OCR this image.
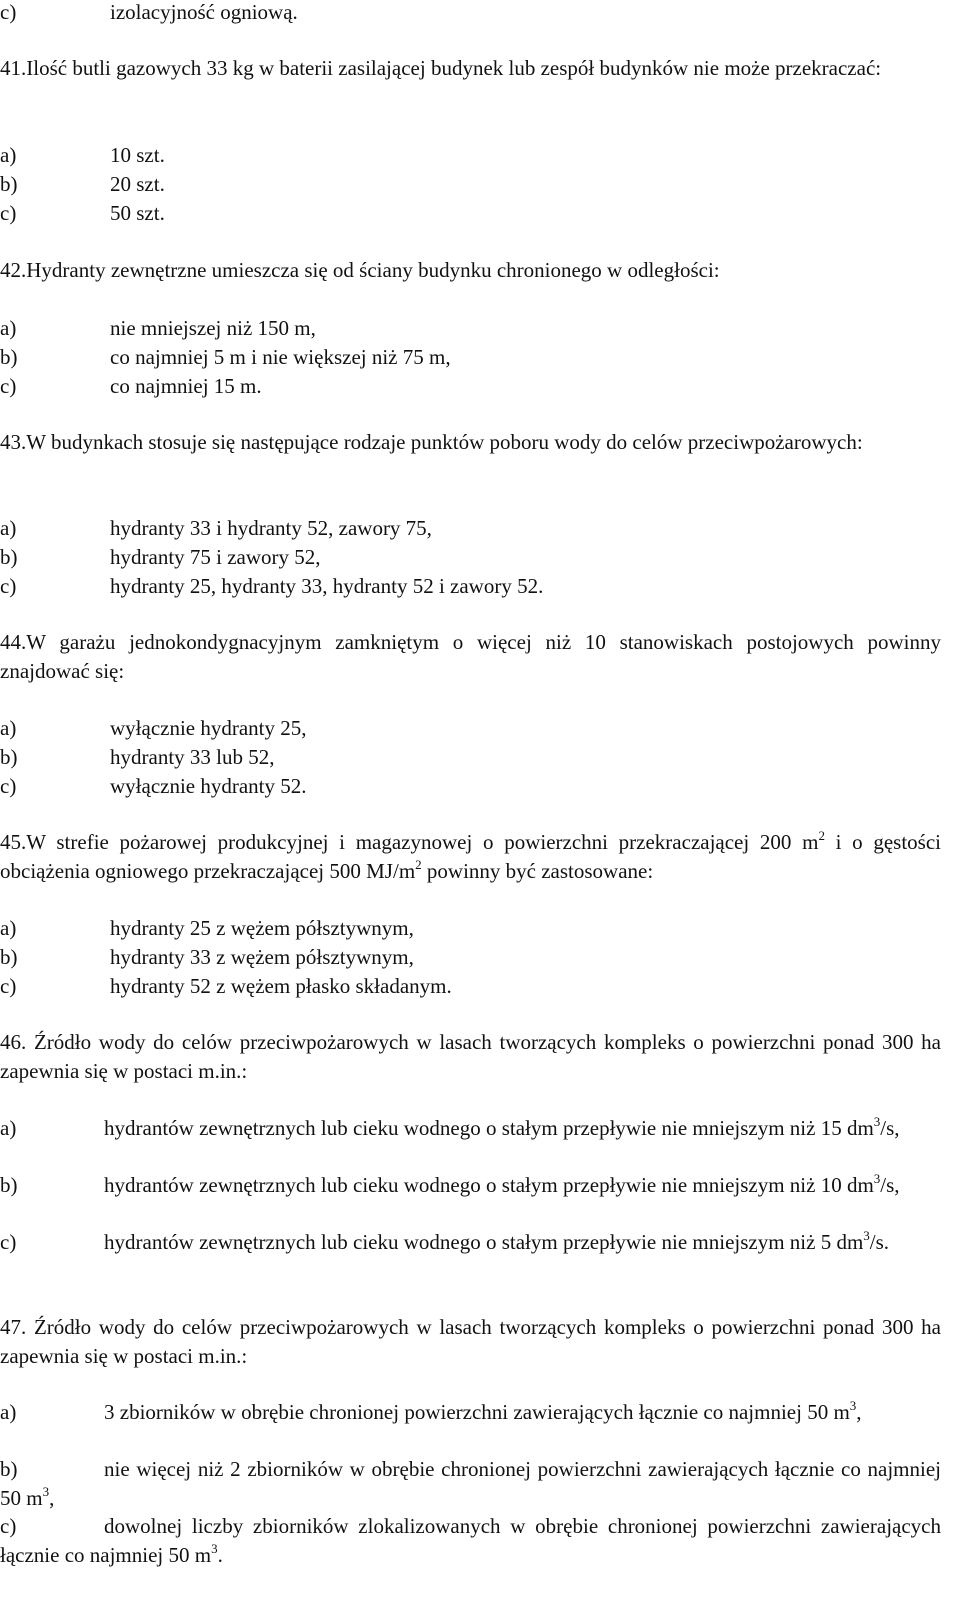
c)	izolacyjność ogniową.

41.Ilość butli gazowych 33 kg w baterii zasilającej budynek lub zespół budynków nie może przekraczać:

a)	10 szt.
b)	20 szt.
c)	50 szt.

42.Hydranty zewnętrzne umieszcza się od ściany budynku chronionego w odległości:

a)	nie mniejszej niż 150 m,
b)	co najmniej 5 m i nie większej niż 75 m,
c)	co najmniej 15 m.

43.W budynkach stosuje się następujące rodzaje punktów poboru wody do celów przeciwpożarowych:

a)	hydranty 33 i hydranty 52, zawory 75,
b)	hydranty 75 i zawory 52,
c)	hydranty 25, hydranty 33, hydranty 52 i zawory 52.

44.W garażu jednokondygnacyjnym zamkniętym o więcej niż 10 stanowiskach postojowych powinny znajdować się:

a)	wyłącznie hydranty 25,
b)	hydranty 33 lub 52,
c)	wyłącznie hydranty 52.

45.W strefie pożarowej produkcyjnej i magazynowej o powierzchni przekraczającej 200 $m^2$ i o gęstości obciążenia ogniowego przekraczającej 500 $MJ/m^2$ powinny być zastosowane:

a)	hydranty 25 z wężem półsztywnym,
b)	hydranty 33 z wężem półsztywnym,
c)	hydranty 52 z wężem płasko składanym.

46. Źródło wody do celów przeciwpożarowych w lasach tworzących kompleks o powierzchni ponad 300 ha zapewnia się w postaci m.in.:

a)	hydrantów zewnętrznych lub cieku wodnego o stałym przepływie nie mniejszym niż 15 $dm^3/s$,
b)	hydrantów zewnętrznych lub cieku wodnego o stałym przepływie nie mniejszym niż 10 $dm^3/s$,
c)	hydrantów zewnętrznych lub cieku wodnego o stałym przepływie nie mniejszym niż 5 $dm^3/s$.

47. Źródło wody do celów przeciwpożarowych w lasach tworzących kompleks o powierzchni ponad 300 ha zapewnia się w postaci m.in.:

a)	3 zbiorników w obrębie chronionej powierzchni zawierających łącznie co najmniej 50 $m^3$,
b)	nie więcej niż 2 zbiorników w obrębie chronionej powierzchni zawierających łącznie co najmniej 50 $m^3$,
c)	dowolnej liczby zbiorników zlokalizowanych w obrębie chronionej powierzchni zawierających łącznie co najmniej 50 $m^3$.
